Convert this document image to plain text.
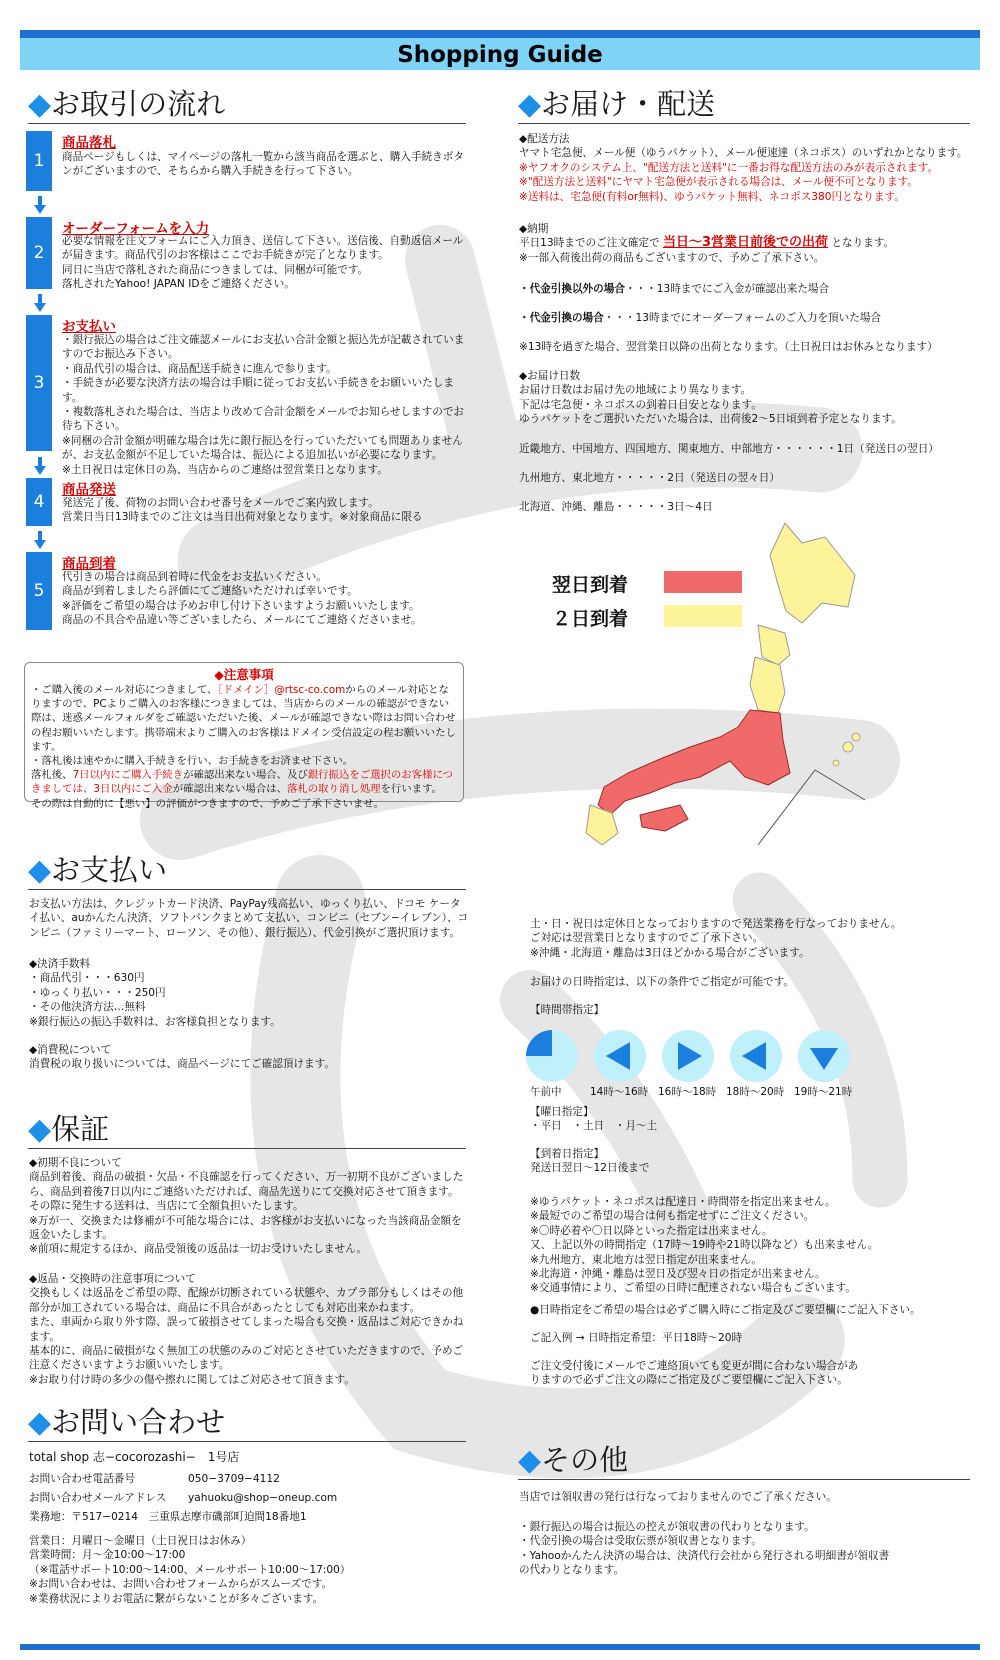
Shopping Guide
◆お取引の流れ
1
商品落札
商品ページもしくは、マイページの落札一覧から該当商品を選ぶと、購入手続きボタンがございますので、そちらから購入手続きを行って下さい。
2
オーダーフォームを入力
必要な情報を注文フォームにご入力頂き、送信して下さい。送信後、自動返信メールが届きます。商品代引のお客様はここでお手続きが完了となります。
同日に当店で落札された商品につきましては、同梱が可能です。
落札されたYahoo! JAPAN IDをご連絡ください。
3
お支払い
・銀行振込の場合はご注文確認メールにお支払い合計金額と振込先が記載されていますのでお振込み下さい。
・商品代引の場合は、商品配送手続きに進んで参ります。
・手続きが必要な決済方法の場合は手順に従ってお支払い手続きをお願いいたします。
・複数落札された場合は、当店より改めて合計金額をメールでお知らせしますのでお待ち下さい。
※同梱の合計金額が明確な場合は先に銀行振込を行っていただいても問題ありませんが、お支払金額が不足していた場合は、振込による追加払いが必要になります。
※土日祝日は定休日の為、当店からのご連絡は翌営業日となります。
4
商品発送
発送完了後、荷物のお問い合わせ番号をメールでご案内致します。
営業日当日13時までのご注文は当日出荷対象となります。※対象商品に限る
5
商品到着
代引きの場合は商品到着時に代金をお支払いください。
商品が到着しましたら評価にてご連絡いただければ幸いです。
※評価をご希望の場合は予めお申し付け下さいますようお願いいたします。
商品の不具合や品違い等ございましたら、メールにてご連絡くださいませ。
◆注意事項
・ご購入後のメール対応につきまして、［ドメイン］@rtsc-co.comからのメール対応となりますので、PCよりご購入のお客様につきましては、当店からのメールの確認ができない際は、迷惑メールフォルダをご確認いただいた後、メールが確認できない際はお問い合わせの程お願いいたします。携帯端末よりご購入のお客様はドメイン受信設定の程お願いいたします。
・落札後は速やかに購入手続きを行い、お手続きをお済ませ下さい。
落札後、7日以内にご購入手続きが確認出来ない場合、及び銀行振込をご選択のお客様につきましては、3日以内にご入金が確認出来ない場合は、落札の取り消し処理を行います。
その際は自動的に【悪い】の評価がつきますので、予めご了承下さいませ。
◆お届け・配送
◆配送方法
ヤマト宅急便、メール便（ゆうパケット）、メール便速達（ネコポス）のいずれかとなります。
※ヤフオクのシステム上、"配送方法と送料"に一番お得な配送方法のみが表示されます。
※"配送方法と送料"にヤマト宅急便が表示される場合は、メール便不可となります。
※送料は、宅急便(有料or無料)、ゆうパケット無料、ネコポス380円となります。
◆納期
平日13時までのご注文確定で 当日〜3営業日前後での出荷 となります。
※一部入荷後出荷の商品もございますので、予めご了承下さい。
・代金引換以外の場合・・・13時までにご入金が確認出来た場合
・代金引換の場合・・・13時までにオーダーフォームのご入力を頂いた場合
※13時を過ぎた場合、翌営業日以降の出荷となります。（土日祝日はお休みとなります）
◆お届け日数
お届け日数はお届け先の地域により異なります。
下記は宅急便・ネコポスの到着日目安となります。
ゆうパケットをご選択いただいた場合は、出荷後2〜5日頃到着予定となります。
近畿地方、中国地方、四国地方、関東地方、中部地方・・・・・・1日（発送日の翌日）
九州地方、東北地方・・・・・2日（発送日の翌々日）
北海道、沖縄、離島・・・・・3日〜4日
翌日到着
２日到着
◆お支払い
お支払い方法は、クレジットカード決済、PayPay残高払い、ゆっくり払い、ドコモ ケータイ払い、auかんたん決済、ソフトバンクまとめて支払い、コンビニ（セブン−イレブン）、コンビニ（ファミリーマート、ローソン、その他）、銀行振込）、代金引換がご選択頂けます。
◆決済手数料
・商品代引・・・630円
・ゆっくり払い・・・250円
・その他決済方法…無料
※銀行振込の振込手数料は、お客様負担となります。
◆消費税について
消費税の取り扱いについては、商品ページにてご確認頂けます。
土・日・祝日は定休日となっておりますので発送業務を行なっておりません。
ご対応は翌営業日となりますのでご了承下さい。
※沖縄・北海道・離島は3日ほどかかる場合がございます。
お届けの日時指定は、以下の条件でご指定が可能です。
【時間帯指定】
午前中	14時〜16時 16時〜18時 18時〜20時 19時〜21時
【曜日指定】
・平日　・土日　・月〜土
【到着日指定】
発送日翌日〜12日後まで
※ゆうパケット・ネコポスは配達日・時間帯を指定出来ません。
※最短でのご希望の場合は何も指定せずにご注文ください。
※〇時必着や〇日以降といった指定は出来ません。
又、上記以外の時間指定（17時〜19時や21時以降など）も出来ません。
※九州地方、東北地方は翌日指定が出来ません。
※北海道・沖縄・離島は翌日及び翌々日の指定が出来ません。
※交通事情により、ご希望の日時に配達されない場合もございます。
●日時指定をご希望の場合は必ずご購入時にご指定及びご要望欄にご記入下さい。
ご記入例 → 日時指定希望：平日18時〜20時
ご注文受付後にメールでご連絡頂いても変更が間に合わない場合がありますので必ずご注文の際にご指定及びご要望欄にご記入下さい。
◆保証
◆初期不良について
商品到着後、商品の破損・欠品・不良確認を行ってください、万一初期不良がございましたら、商品到着後7日以内にご連絡いただければ、商品先送りにて交換対応させて頂きます。
その際に発生する送料は、当店にて全額負担いたします。
※万が一、交換または修補が不可能な場合には、お客様がお支払いになった当該商品金額を返金いたします。
※前項に規定するほか、商品受領後の返品は一切お受けいたしません。
◆返品・交換時の注意事項について
交換もしくは返品をご希望の際、配線が切断されている状態や、カプラ部分もしくはその他部分が加工されている場合は、商品に不具合があったとしても対応出来かねます。
また、車両から取り外す際、誤って破損させてしまった場合も交換・返品はご対応できかねます。
基本的に、商品に破損がなく無加工の状態のみのご対応とさせていただきますので、予めご注意くださいますようお願いいたします。
※お取り付け時の多少の傷や擦れに関してはご対応させて頂きます。
◆お問い合わせ
total shop 志−cocorozashi−　1号店
お問い合わせ電話番号	050−3709−4112
お問い合わせメールアドレス	yahuoku@shop−oneup.com
業務地：〒517−0214　三重県志摩市磯部町迫間18番地1
営業日：月曜日〜金曜日（土日祝日はお休み）
営業時間：月〜金10:00〜17:00
（※電話サポート10:00〜14:00、メールサポート10:00〜17:00）
※お問い合わせは、お問い合わせフォームからがスムーズです。
※業務状況によりお電話に繋がらないことが多々ございます。
◆その他
当店では領収書の発行は行なっておりませんのでご了承ください。
・銀行振込の場合は振込の控えが領収書の代わりとなります。
・代金引換の場合は受取伝票が領収書となります。
・Yahooかんたん決済の場合は、決済代行会社から発行される明細書が領収書の代わりとなります。
